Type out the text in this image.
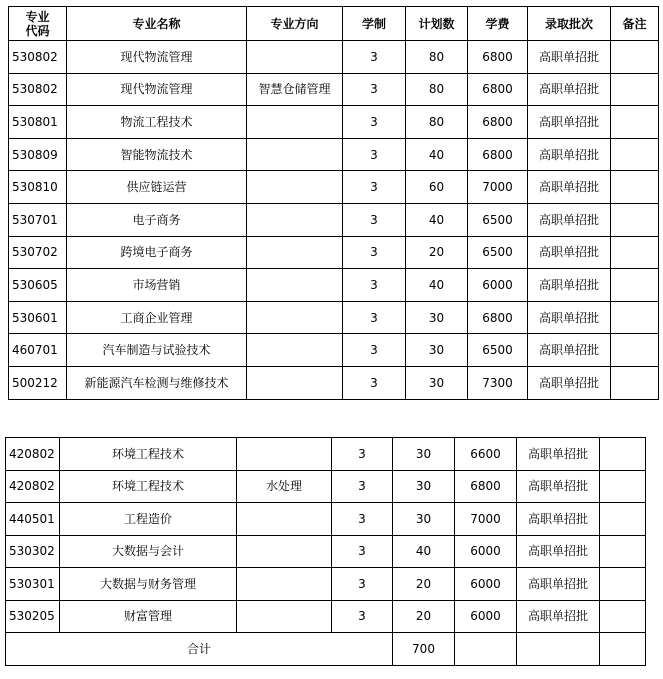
专业代码	专业名称	专业方向	学制	计划数	学费	录取批次	备注
530802	现代物流管理		3	80	6800	高职单招批	
530802	现代物流管理	智慧仓储管理	3	80	6800	高职单招批	
530801	物流工程技术		3	80	6800	高职单招批	
530809	智能物流技术		3	40	6800	高职单招批	
530810	供应链运营		3	60	7000	高职单招批	
530701	电子商务		3	40	6500	高职单招批	
530702	跨境电子商务		3	20	6500	高职单招批	
530605	市场营销		3	40	6000	高职单招批	
530601	工商企业管理		3	30	6800	高职单招批	
460701	汽车制造与试验技术		3	30	6500	高职单招批	
500212	新能源汽车检测与维修技术		3	30	7300	高职单招批	
420802	环境工程技术		3	30	6600	高职单招批	
420802	环境工程技术	水处理	3	30	6800	高职单招批	
440501	工程造价		3	30	7000	高职单招批	
530302	大数据与会计		3	40	6000	高职单招批	
530301	大数据与财务管理		3	20	6000	高职单招批	
530205	财富管理		3	20	6000	高职单招批	
合计				700			
